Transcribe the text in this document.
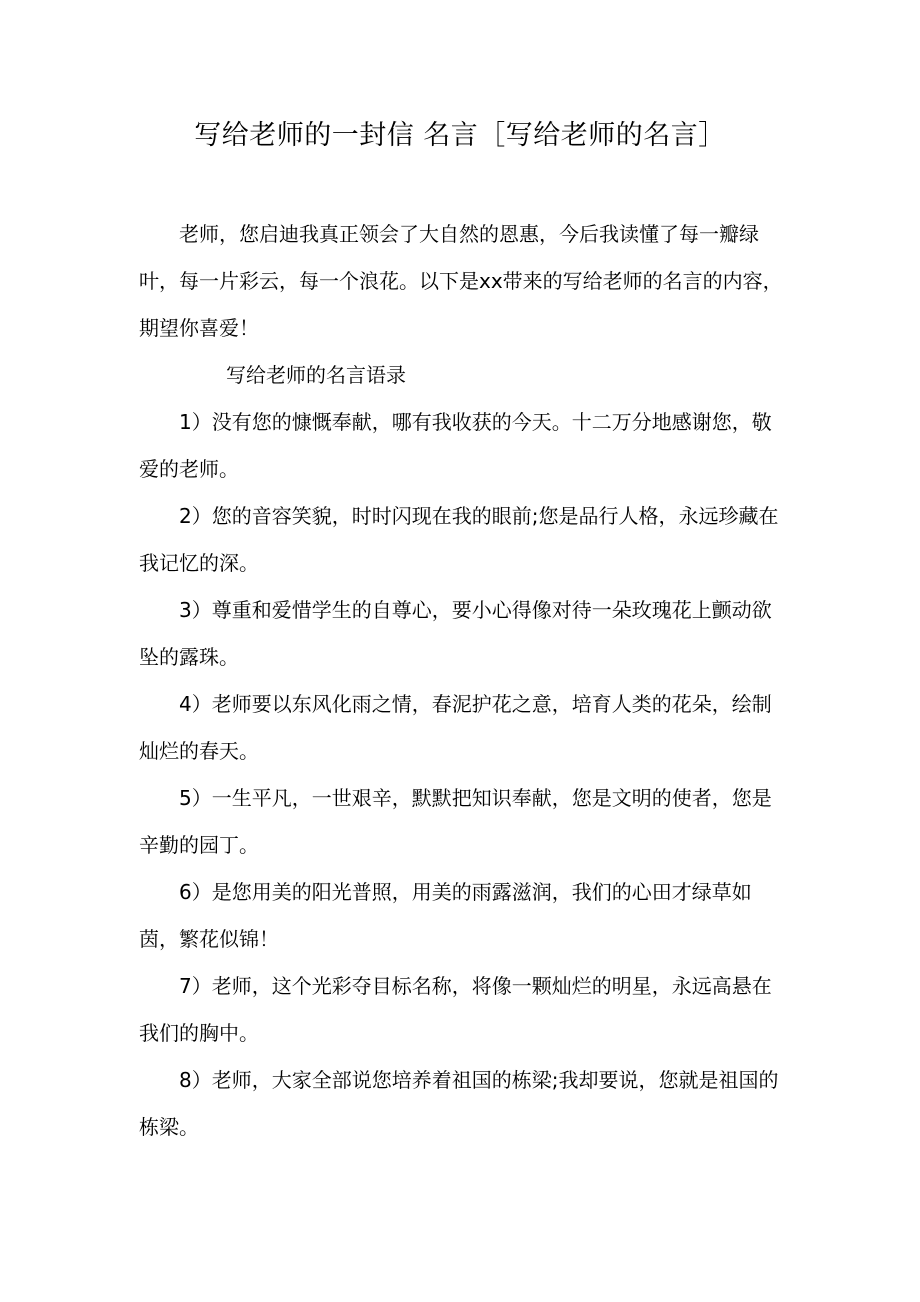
写给老师的一封信 名言［写给老师的名言］

老师，您启迪我真正领会了大自然的恩惠，今后我读懂了每一瓣绿叶，每一片彩云，每一个浪花。以下是xx带来的写给老师的名言的内容，期望你喜爱！

写给老师的名言语录

1）没有您的慷慨奉献，哪有我收获的今天。十二万分地感谢您，敬爱的老师。

2）您的音容笑貌，时时闪现在我的眼前;您是品行人格，永远珍藏在我记忆的深。

3）尊重和爱惜学生的自尊心，要小心得像对待一朵玫瑰花上颤动欲坠的露珠。

4）老师要以东风化雨之情，春泥护花之意，培育人类的花朵，绘制灿烂的春天。

5）一生平凡，一世艰辛，默默把知识奉献，您是文明的使者，您是辛勤的园丁。

6）是您用美的阳光普照，用美的雨露滋润，我们的心田才绿草如茵，繁花似锦！

7）老师，这个光彩夺目标名称，将像一颗灿烂的明星，永远高悬在我们的胸中。

8）老师，大家全部说您培养着祖国的栋梁;我却要说，您就是祖国的栋梁。
